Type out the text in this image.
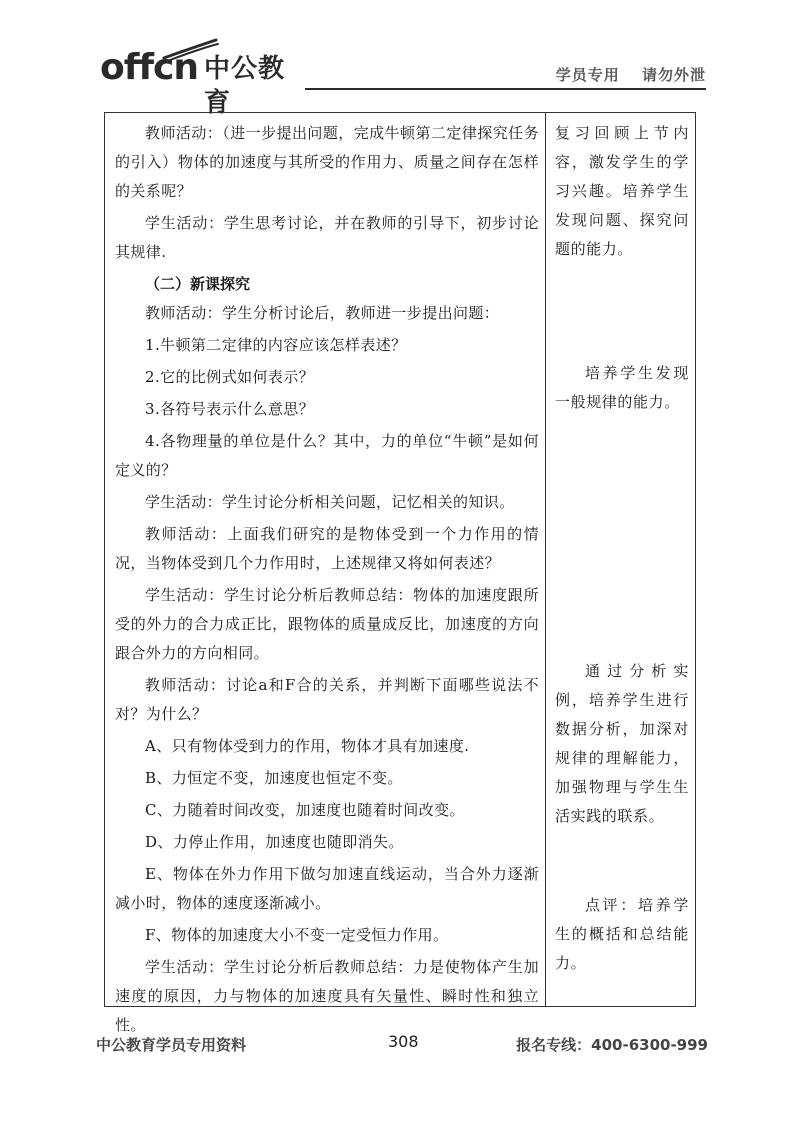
offcn 中公教育
学员专用 请勿外泄

教师活动：（进一步提出问题，完成牛顿第二定律探究任务的引入）物体的加速度与其所受的作用力、质量之间存在怎样的关系呢？

学生活动：学生思考讨论，并在教师的引导下，初步讨论其规律.

（二）新课探究

教师活动：学生分析讨论后，教师进一步提出问题：

1.牛顿第二定律的内容应该怎样表述？

2.它的比例式如何表示？

3.各符号表示什么意思？

4.各物理量的单位是什么？其中，力的单位“牛顿”是如何定义的？

学生活动：学生讨论分析相关问题，记忆相关的知识。

教师活动：上面我们研究的是物体受到一个力作用的情况，当物体受到几个力作用时，上述规律又将如何表述？

学生活动：学生讨论分析后教师总结：物体的加速度跟所受的外力的合力成正比，跟物体的质量成反比，加速度的方向跟合外力的方向相同。

教师活动：讨论a和F合的关系，并判断下面哪些说法不对？为什么？

A、只有物体受到力的作用，物体才具有加速度.

B、力恒定不变，加速度也恒定不变。

C、力随着时间改变，加速度也随着时间改变。

D、力停止作用，加速度也随即消失。

E、物体在外力作用下做匀加速直线运动，当合外力逐渐减小时，物体的速度逐渐减小。

F、物体的加速度大小不变一定受恒力作用。

学生活动：学生讨论分析后教师总结：力是使物体产生加速度的原因，力与物体的加速度具有矢量性、瞬时性和独立性。

复习回顾上节内容，激发学生的学习兴趣。培养学生发现问题、探究问题的能力。

培养学生发现一般规律的能力。

通过分析实例，培养学生进行数据分析，加深对规律的理解能力，加强物理与学生生活实践的联系。

点评：培养学生的概括和总结能力。

中公教育学员专用资料	308	报名专线：400-6300-999
